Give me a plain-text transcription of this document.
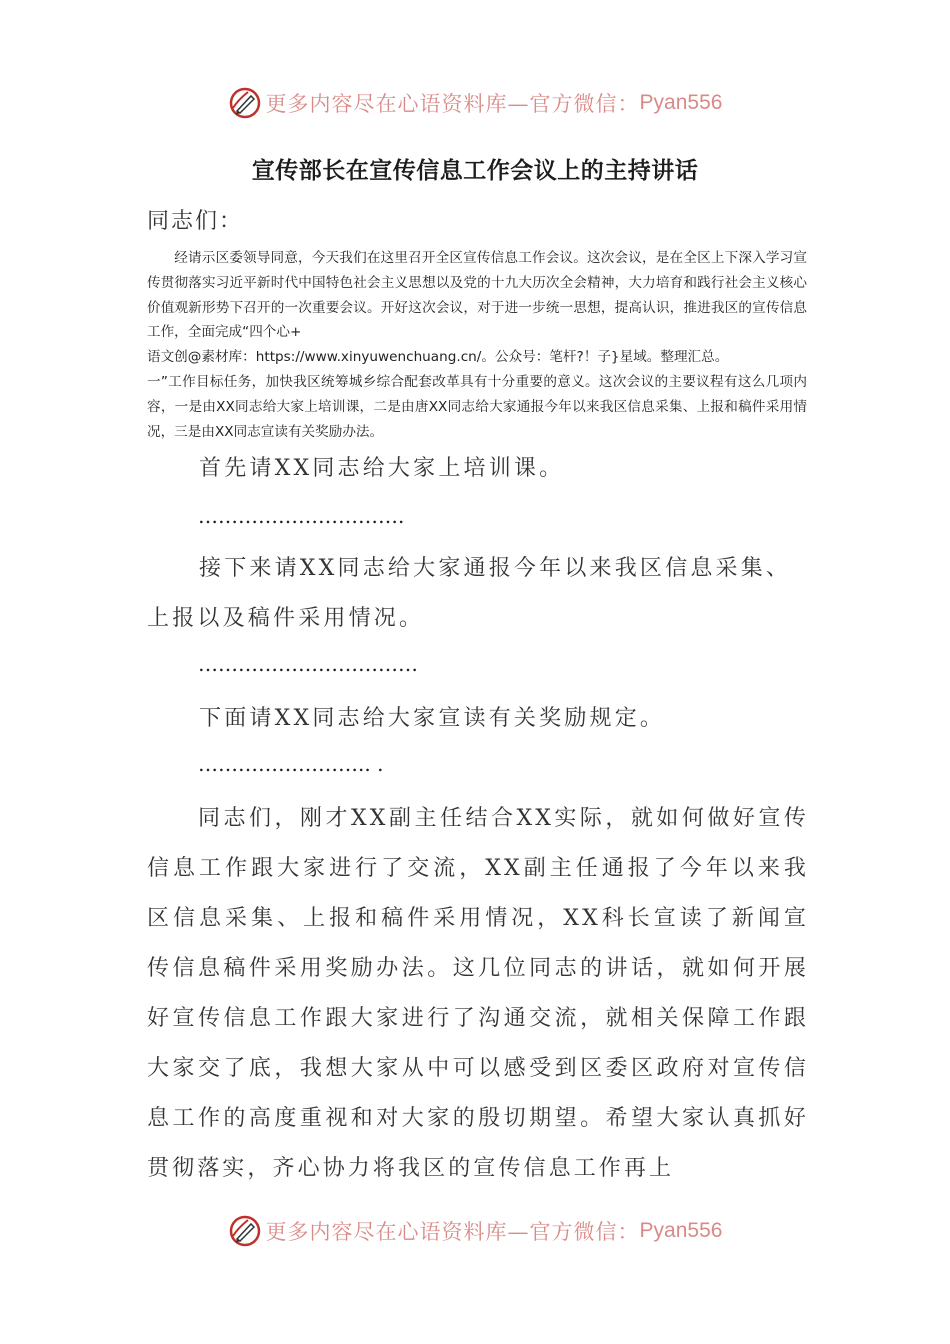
更多内容尽在心语资料库—官方微信： Pyan556
宣传部长在宣传信息工作会议上的主持讲话
同志们：

经请示区委领导同意，今天我们在这里召开全区宣传信息工作会议。这次会议，是在全区上下深入学习宣传贯彻落实习近平新时代中国特色社会主义思想以及党的十九大历次全会精神，大力培育和践行社会主义核心价值观新形势下召开的一次重要会议。开好这次会议，对于进一步统一思想，提高认识，推进我区的宣传信息工作，全面完成“四个心+

语文创@素材库：https://www.xinyuwenchuang.cn/。公众号：笔杆?！子}星域。整理汇总。

一”工作目标任务，加快我区统筹城乡综合配套改革具有十分重要的意义。这次会议的主要议程有这么几项内容，一是由XX同志给大家上培训课，二是由唐XX同志给大家通报今年以来我区信息采集、上报和稿件采用情况，三是由XX同志宣读有关奖励办法。

首先请XX同志给大家上培训课。

………………………….

接下来请XX同志给大家通报今年以来我区信息采集、上报以及稿件采用情况。

……………………………

下面请XX同志给大家宣读有关奖励规定。

…………………….. .

同志们，刚才XX副主任结合XX实际，就如何做好宣传信息工作跟大家进行了交流，XX副主任通报了今年以来我区信息采集、上报和稿件采用情况，XX科长宣读了新闻宣传信息稿件采用奖励办法。这几位同志的讲话，就如何开展好宣传信息工作跟大家进行了沟通交流，就相关保障工作跟大家交了底，我想大家从中可以感受到区委区政府对宣传信息工作的高度重视和对大家的殷切期望。希望大家认真抓好贯彻落实，齐心协力将我区的宣传信息工作再上

更多内容尽在心语资料库—官方微信： Pyan556
